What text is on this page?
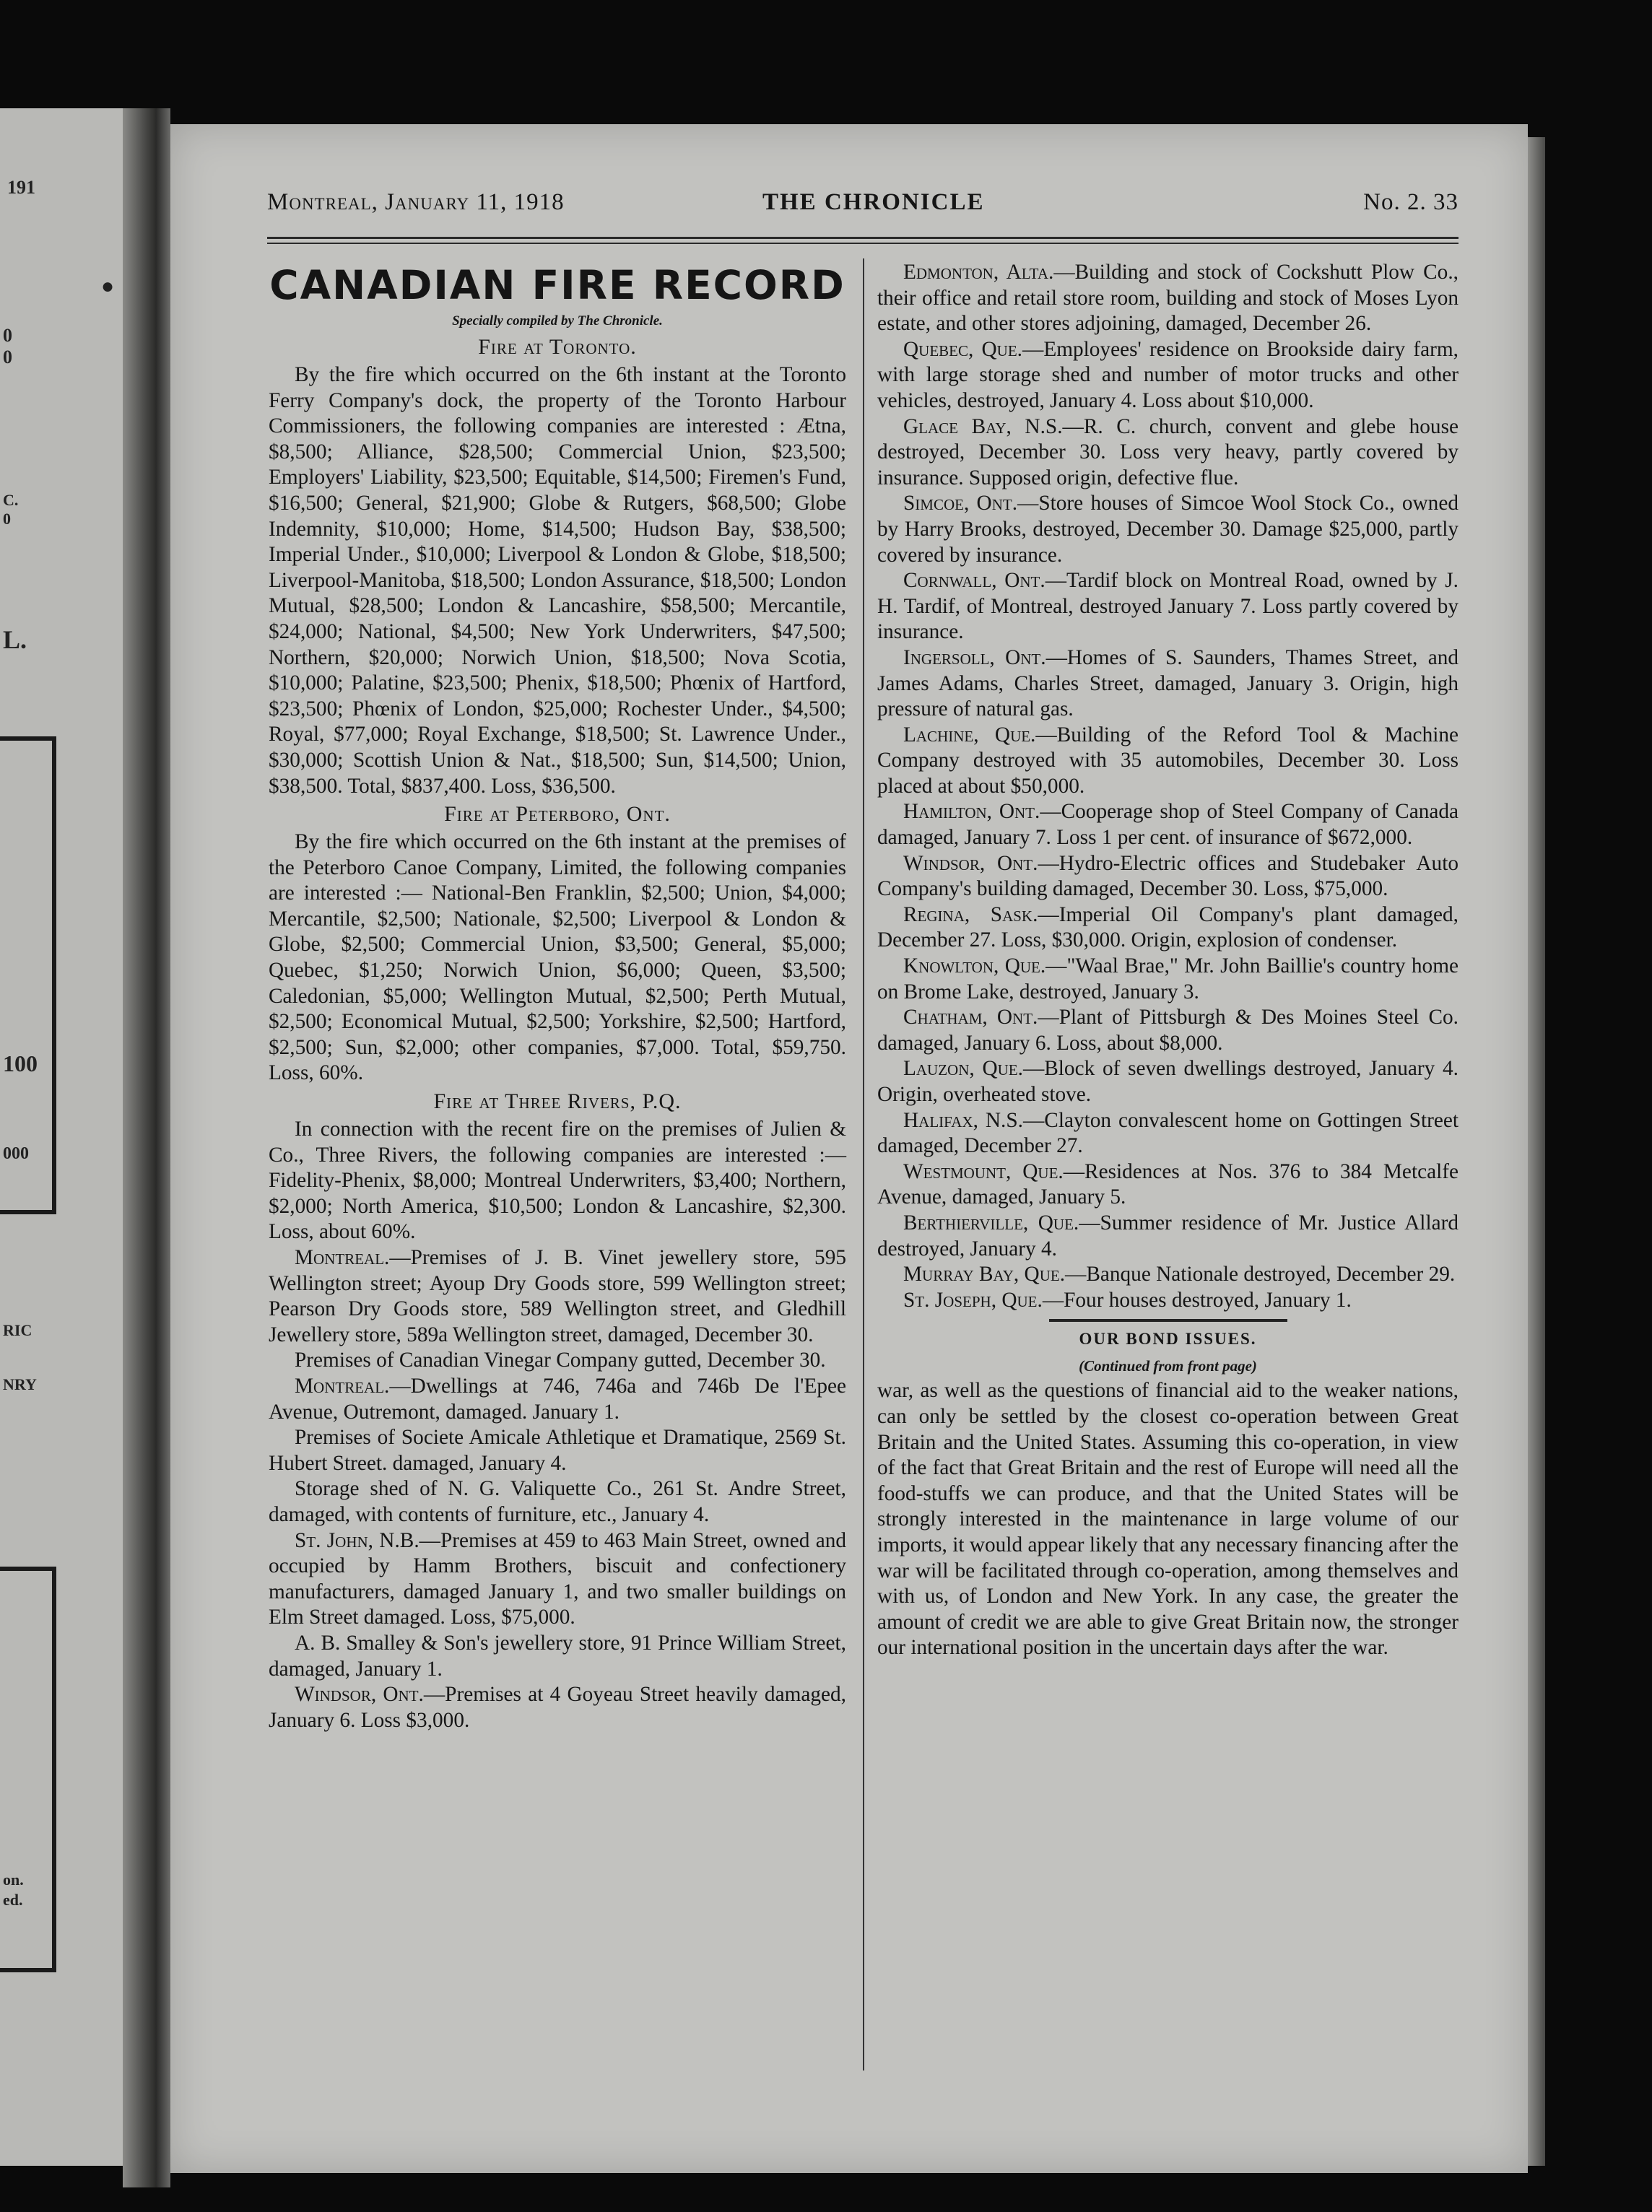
191
●
0
0
C.
0
L.
100
000
RIC
NRY
on.
ed.
Montreal, January 11, 1918	THE CHRONICLE	No. 2. 33
CANADIAN FIRE RECORD
Specially compiled by The Chronicle.
Fire at Toronto.

By the fire which occurred on the 6th instant at the Toronto Ferry Company's dock, the property of the Toronto Harbour Commissioners, the following companies are interested : Ætna, $8,500; Alliance, $28,500; Commercial Union, $23,500; Employers' Liability, $23,500; Equitable, $14,500; Firemen's Fund, $16,500; General, $21,900; Globe & Rutgers, $68,500; Globe Indemnity, $10,000; Home, $14,500; Hudson Bay, $38,500; Imperial Under., $10,000; Liverpool & London & Globe, $18,500; Liverpool-Manitoba, $18,500; London Assurance, $18,500; London Mutual, $28,500; London & Lancashire, $58,500; Mercantile, $24,000; National, $4,500; New York Underwriters, $47,500; Northern, $20,000; Norwich Union, $18,500; Nova Scotia, $10,000; Palatine, $23,500; Phenix, $18,500; Phœnix of Hartford, $23,500; Phœnix of London, $25,000; Rochester Under., $4,500; Royal, $77,000; Royal Exchange, $18,500; St. Lawrence Under., $30,000; Scottish Union & Nat., $18,500; Sun, $14,500; Union, $38,500. Total, $837,400. Loss, $36,500.

Fire at Peterboro, Ont.

By the fire which occurred on the 6th instant at the premises of the Peterboro Canoe Company, Limited, the following companies are interested :— National-Ben Franklin, $2,500; Union, $4,000; Mercantile, $2,500; Nationale, $2,500; Liverpool & London & Globe, $2,500; Commercial Union, $3,500; General, $5,000; Quebec, $1,250; Norwich Union, $6,000; Queen, $3,500; Caledonian, $5,000; Wellington Mutual, $2,500; Perth Mutual, $2,500; Economical Mutual, $2,500; Yorkshire, $2,500; Hartford, $2,500; Sun, $2,000; other companies, $7,000. Total, $59,750. Loss, 60%.

Fire at Three Rivers, P.Q.

In connection with the recent fire on the premises of Julien & Co., Three Rivers, the following companies are interested :— Fidelity-Phenix, $8,000; Montreal Underwriters, $3,400; Northern, $2,000; North America, $10,500; London & Lancashire, $2,300. Loss, about 60%.

Montreal.—Premises of J. B. Vinet jewellery store, 595 Wellington street; Ayoup Dry Goods store, 599 Wellington street; Pearson Dry Goods store, 589 Wellington street, and Gledhill Jewellery store, 589a Wellington street, damaged, December 30.

Premises of Canadian Vinegar Company gutted, December 30.

Montreal.—Dwellings at 746, 746a and 746b De l'Epee Avenue, Outremont, damaged. January 1.

Premises of Societe Amicale Athletique et Dramatique, 2569 St. Hubert Street. damaged, January 4.

Storage shed of N. G. Valiquette Co., 261 St. Andre Street, damaged, with contents of furniture, etc., January 4.

St. John, N.B.—Premises at 459 to 463 Main Street, owned and occupied by Hamm Brothers, biscuit and confectionery manufacturers, damaged January 1, and two smaller buildings on Elm Street damaged. Loss, $75,000.

A. B. Smalley & Son's jewellery store, 91 Prince William Street, damaged, January 1.

Windsor, Ont.—Premises at 4 Goyeau Street heavily damaged, January 6. Loss $3,000.

Edmonton, Alta.—Building and stock of Cockshutt Plow Co., their office and retail store room, building and stock of Moses Lyon estate, and other stores adjoining, damaged, December 26.

Quebec, Que.—Employees' residence on Brookside dairy farm, with large storage shed and number of motor trucks and other vehicles, destroyed, January 4. Loss about $10,000.

Glace Bay, N.S.—R. C. church, convent and glebe house destroyed, December 30. Loss very heavy, partly covered by insurance. Supposed origin, defective flue.

Simcoe, Ont.—Store houses of Simcoe Wool Stock Co., owned by Harry Brooks, destroyed, December 30. Damage $25,000, partly covered by insurance.

Cornwall, Ont.—Tardif block on Montreal Road, owned by J. H. Tardif, of Montreal, destroyed January 7. Loss partly covered by insurance.

Ingersoll, Ont.—Homes of S. Saunders, Thames Street, and James Adams, Charles Street, damaged, January 3. Origin, high pressure of natural gas.

Lachine, Que.—Building of the Reford Tool & Machine Company destroyed with 35 automobiles, December 30. Loss placed at about $50,000.

Hamilton, Ont.—Cooperage shop of Steel Company of Canada damaged, January 7. Loss 1 per cent. of insurance of $672,000.

Windsor, Ont.—Hydro-Electric offices and Studebaker Auto Company's building damaged, December 30. Loss, $75,000.

Regina, Sask.—Imperial Oil Company's plant damaged, December 27. Loss, $30,000. Origin, explosion of condenser.

Knowlton, Que.—"Waal Brae," Mr. John Baillie's country home on Brome Lake, destroyed, January 3.

Chatham, Ont.—Plant of Pittsburgh & Des Moines Steel Co. damaged, January 6. Loss, about $8,000.

Lauzon, Que.—Block of seven dwellings destroyed, January 4. Origin, overheated stove.

Halifax, N.S.—Clayton convalescent home on Gottingen Street damaged, December 27.

Westmount, Que.—Residences at Nos. 376 to 384 Metcalfe Avenue, damaged, January 5.

Berthierville, Que.—Summer residence of Mr. Justice Allard destroyed, January 4.

Murray Bay, Que.—Banque Nationale destroyed, December 29.

St. Joseph, Que.—Four houses destroyed, January 1.

OUR BOND ISSUES.
(Continued from front page)

war, as well as the questions of financial aid to the weaker nations, can only be settled by the closest co-operation between Great Britain and the United States. Assuming this co-operation, in view of the fact that Great Britain and the rest of Europe will need all the food-stuffs we can produce, and that the United States will be strongly interested in the maintenance in large volume of our imports, it would appear likely that any necessary financing after the war will be facilitated through co-operation, among themselves and with us, of London and New York. In any case, the greater the amount of credit we are able to give Great Britain now, the stronger our international position in the uncertain days after the war.
